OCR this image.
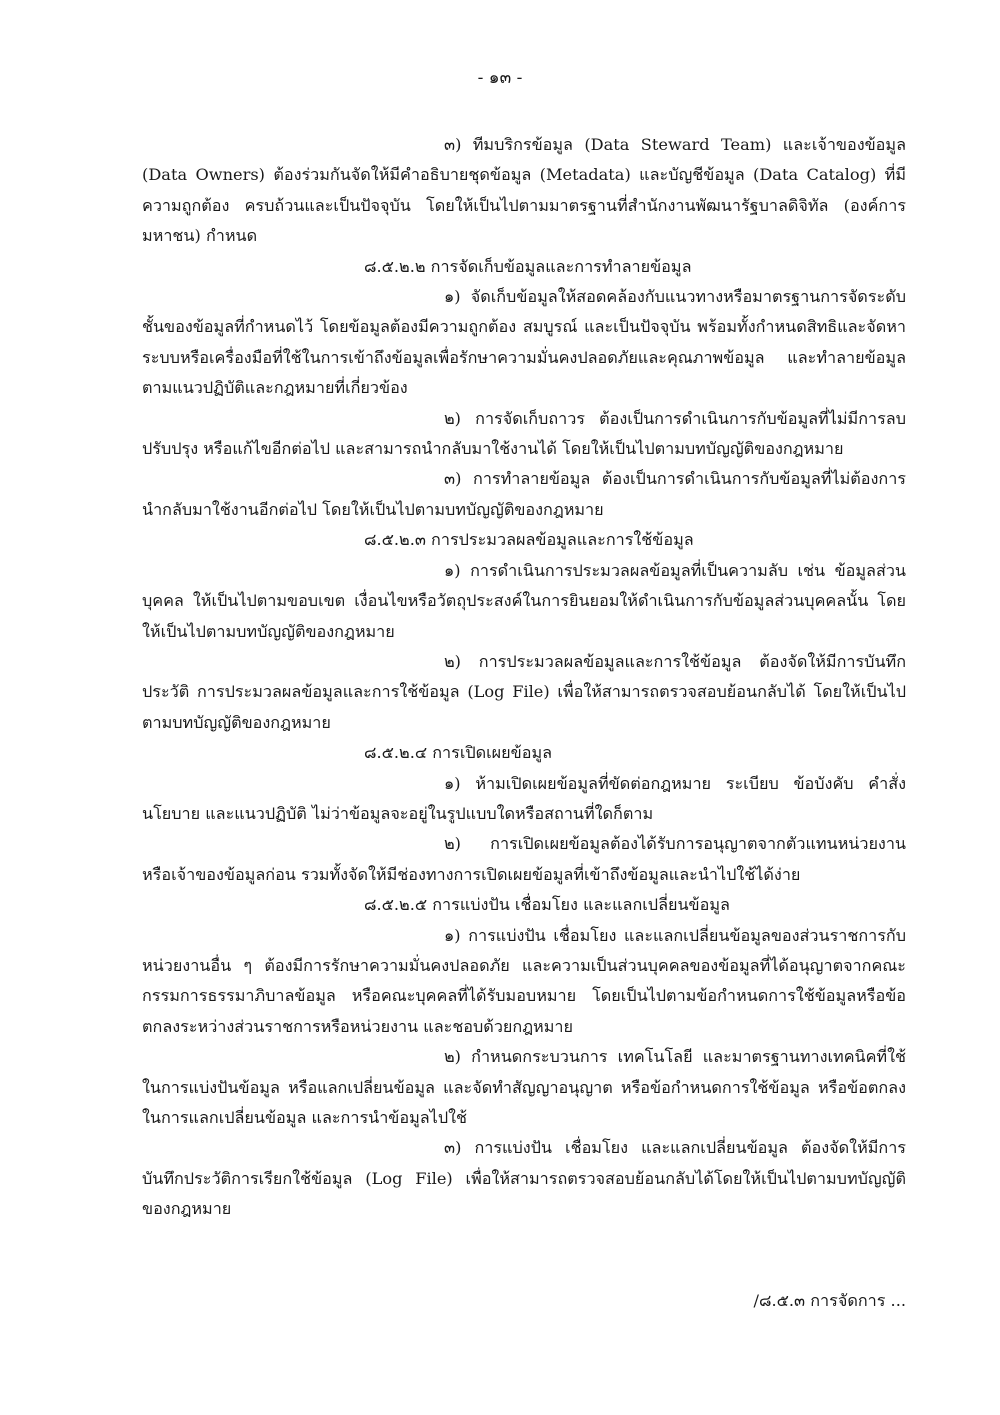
- ๑๓ -

๓) ทีมบริกรข้อมูล (Data Steward Team) และเจ้าของข้อมูล (Data Owners) ต้องร่วมกันจัดให้มีคำอธิบายชุดข้อมูล (Metadata) และบัญชีข้อมูล (Data Catalog) ที่มีความถูกต้อง ครบถ้วนและเป็นปัจจุบัน โดยให้เป็นไปตามมาตรฐานที่สำนักงานพัฒนารัฐบาลดิจิทัล (องค์การมหาชน) กำหนด

๘.๕.๒.๒ การจัดเก็บข้อมูลและการทำลายข้อมูล

๑) จัดเก็บข้อมูลให้สอดคล้องกับแนวทางหรือมาตรฐานการจัดระดับชั้นของข้อมูลที่กำหนดไว้ โดยข้อมูลต้องมีความถูกต้อง สมบูรณ์ และเป็นปัจจุบัน พร้อมทั้งกำหนดสิทธิและจัดหาระบบหรือเครื่องมือที่ใช้ในการเข้าถึงข้อมูลเพื่อรักษาความมั่นคงปลอดภัยและคุณภาพข้อมูล และทำลายข้อมูลตามแนวปฏิบัติและกฎหมายที่เกี่ยวข้อง

๒) การจัดเก็บถาวร ต้องเป็นการดำเนินการกับข้อมูลที่ไม่มีการลบ ปรับปรุง หรือแก้ไขอีกต่อไป และสามารถนำกลับมาใช้งานได้ โดยให้เป็นไปตามบทบัญญัติของกฎหมาย

๓) การทำลายข้อมูล ต้องเป็นการดำเนินการกับข้อมูลที่ไม่ต้องการนำกลับมาใช้งานอีกต่อไป โดยให้เป็นไปตามบทบัญญัติของกฎหมาย

๘.๕.๒.๓ การประมวลผลข้อมูลและการใช้ข้อมูล

๑) การดำเนินการประมวลผลข้อมูลที่เป็นความลับ เช่น ข้อมูลส่วนบุคคล ให้เป็นไปตามขอบเขต เงื่อนไขหรือวัตถุประสงค์ในการยินยอมให้ดำเนินการกับข้อมูลส่วนบุคคลนั้น โดยให้เป็นไปตามบทบัญญัติของกฎหมาย

๒) การประมวลผลข้อมูลและการใช้ข้อมูล ต้องจัดให้มีการบันทึกประวัติ การประมวลผลข้อมูลและการใช้ข้อมูล (Log File) เพื่อให้สามารถตรวจสอบย้อนกลับได้ โดยให้เป็นไปตามบทบัญญัติของกฎหมาย

๘.๕.๒.๔ การเปิดเผยข้อมูล

๑) ห้ามเปิดเผยข้อมูลที่ขัดต่อกฎหมาย ระเบียบ ข้อบังคับ คำสั่ง นโยบาย และแนวปฏิบัติ ไม่ว่าข้อมูลจะอยู่ในรูปแบบใดหรือสถานที่ใดก็ตาม

๒) การเปิดเผยข้อมูลต้องได้รับการอนุญาตจากตัวแทนหน่วยงาน หรือเจ้าของข้อมูลก่อน รวมทั้งจัดให้มีช่องทางการเปิดเผยข้อมูลที่เข้าถึงข้อมูลและนำไปใช้ได้ง่าย

๘.๕.๒.๕ การแบ่งปัน เชื่อมโยง และแลกเปลี่ยนข้อมูล

๑) การแบ่งปัน เชื่อมโยง และแลกเปลี่ยนข้อมูลของส่วนราชการกับหน่วยงานอื่น ๆ ต้องมีการรักษาความมั่นคงปลอดภัย และความเป็นส่วนบุคคลของข้อมูลที่ได้อนุญาตจากคณะกรรมการธรรมาภิบาลข้อมูล หรือคณะบุคคลที่ได้รับมอบหมาย โดยเป็นไปตามข้อกำหนดการใช้ข้อมูลหรือข้อตกลงระหว่างส่วนราชการหรือหน่วยงาน และชอบด้วยกฎหมาย

๒) กำหนดกระบวนการ เทคโนโลยี และมาตรฐานทางเทคนิคที่ใช้ในการแบ่งปันข้อมูล หรือแลกเปลี่ยนข้อมูล และจัดทำสัญญาอนุญาต หรือข้อกำหนดการใช้ข้อมูล หรือข้อตกลงในการแลกเปลี่ยนข้อมูล และการนำข้อมูลไปใช้

๓) การแบ่งปัน เชื่อมโยง และแลกเปลี่ยนข้อมูล ต้องจัดให้มีการบันทึกประวัติการเรียกใช้ข้อมูล (Log File) เพื่อให้สามารถตรวจสอบย้อนกลับได้โดยให้เป็นไปตามบทบัญญัติของกฎหมาย

/๘.๕.๓ การจัดการ ...
